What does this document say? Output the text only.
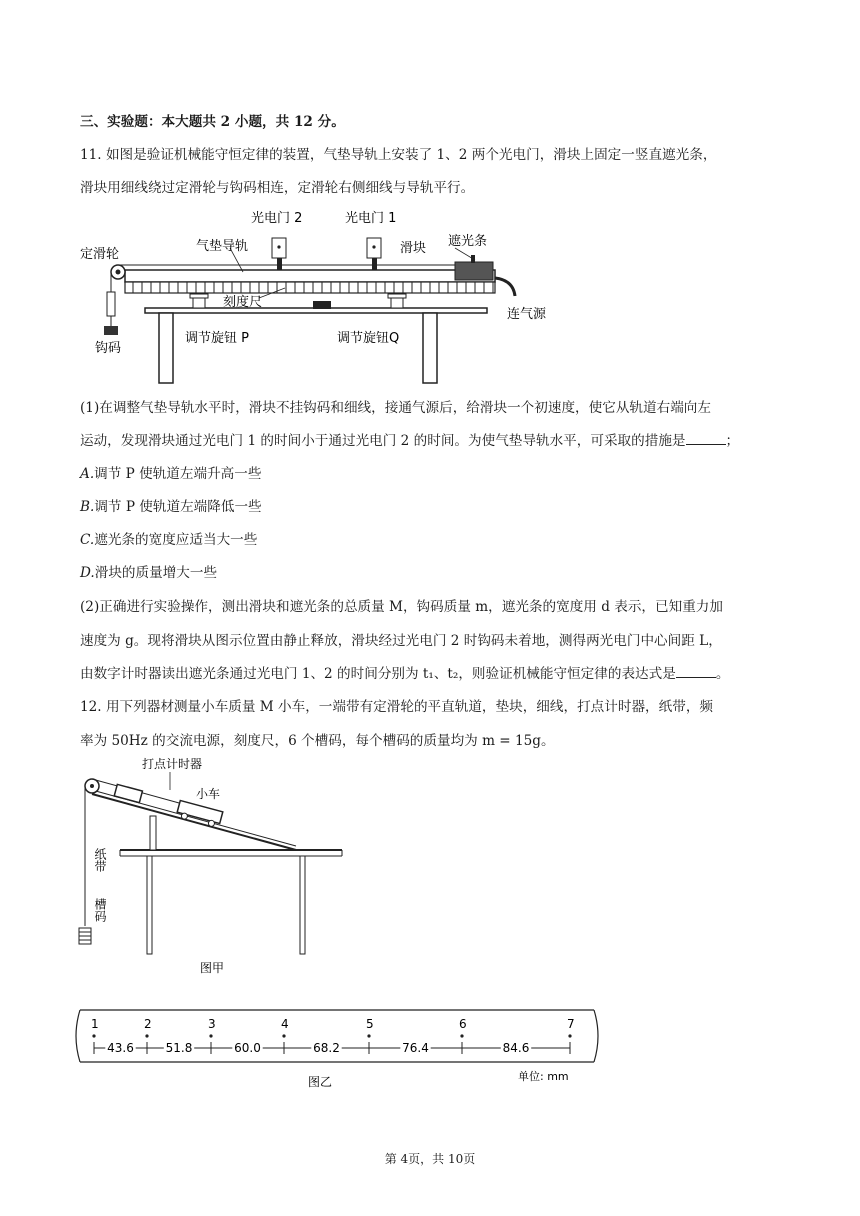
三、实验题：本大题共 2 小题，共 12 分。
11. 如图是验证机械能守恒定律的装置，气垫导轨上安装了 1、2 两个光电门，滑块上固定一竖直遮光条，
滑块用细线绕过定滑轮与钩码相连，定滑轮右侧细线与导轨平行。
定滑轮
气垫导轨
光电门 2	光电门 1
滑块 遮光条
刻度尺
连气源
钩码
调节旋钮 P	调节旋钮Q
(1)在调整气垫导轨水平时，滑块不挂钩码和细线，接通气源后，给滑块一个初速度，使它从轨道右端向左
运动，发现滑块通过光电门 1 的时间小于通过光电门 2 的时间。为使气垫导轨水平，可采取的措施是	；
A.调节 P 使轨道左端升高一些
B.调节 P 使轨道左端降低一些
C.遮光条的宽度应适当大一些
D.滑块的质量增大一些
(2)正确进行实验操作，测出滑块和遮光条的总质量 M，钩码质量 m，遮光条的宽度用 d 表示，已知重力加
速度为 g。现将滑块从图示位置由静止释放，滑块经过光电门 2 时钩码未着地，测得两光电门中心间距 L，
由数字计时器读出遮光条通过光电门 1、2 的时间分别为 t₁、t₂，则验证机械能守恒定律的表达式是	。
12. 用下列器材测量小车质量 M 小车，一端带有定滑轮的平直轨道，垫块，细线，打点计时器，纸带，频
率为 50Hz 的交流电源，刻度尺，6 个槽码，每个槽码的质量均为 m = 15g。
打点计时器
小车
纸带
槽码
图甲
1	2	3	4	5	6	7
43.6	51.8	60.0	68.2	76.4	84.6
单位: mm
图乙
第 4页，共 10页
